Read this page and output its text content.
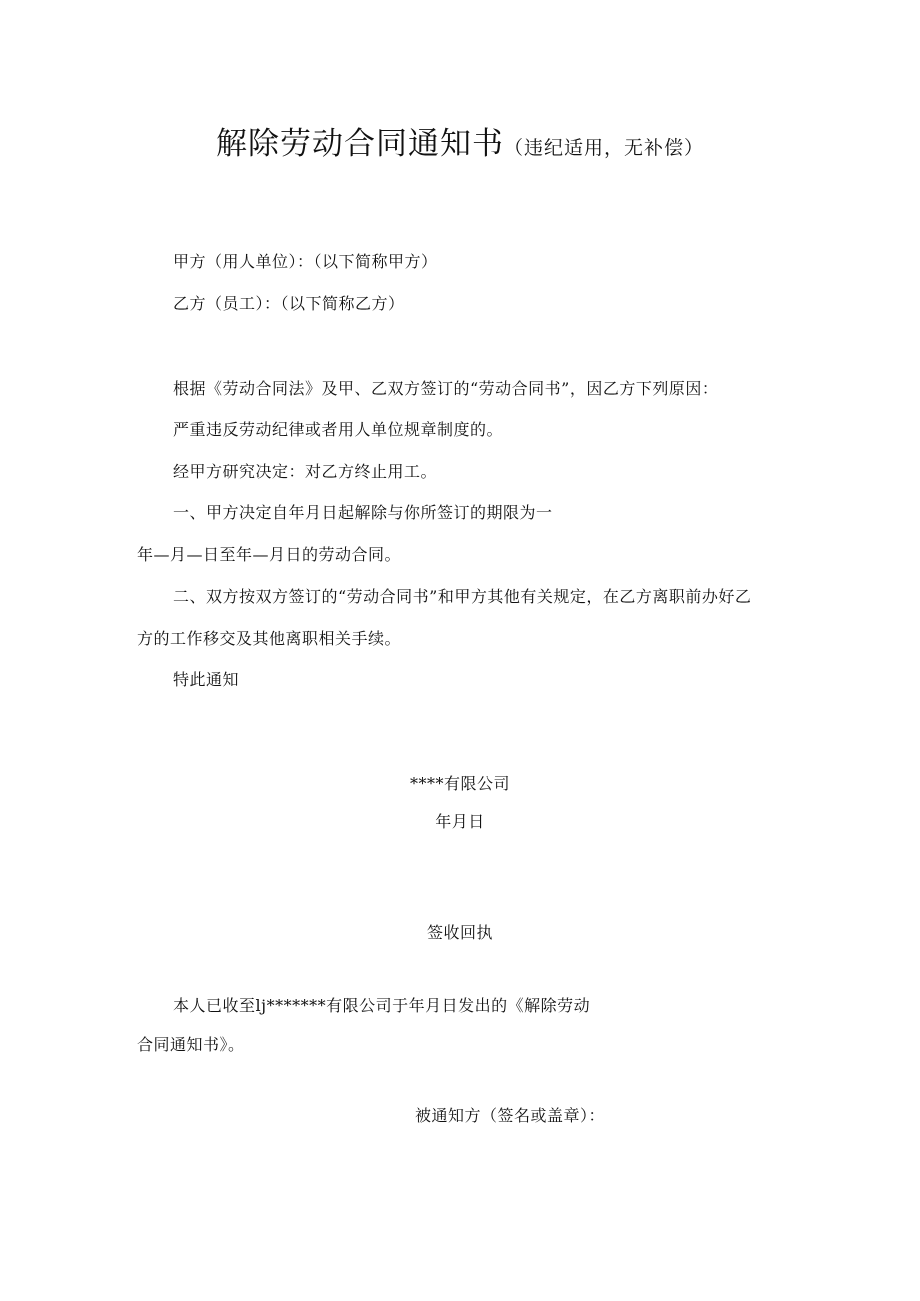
解除劳动合同通知书（违纪适用，无补偿）
甲方（用人单位）：（以下简称甲方）
乙方（员工）：（以下简称乙方）
根据《劳动合同法》及甲、乙双方签订的“劳动合同书”，因乙方下列原因：
严重违反劳动纪律或者用人单位规章制度的。
经甲方研究决定：对乙方终止用工。
一、甲方决定自年月日起解除与你所签订的期限为一
年—月—日至年—月日的劳动合同。
二、双方按双方签订的“劳动合同书”和甲方其他有关规定，在乙方离职前办好乙
方的工作移交及其他离职相关手续。
特此通知
****有限公司
年月日
签收回执
本人已收至lj*******有限公司于年月日发出的《解除劳动
合同通知书》。
被通知方（签名或盖章）：
